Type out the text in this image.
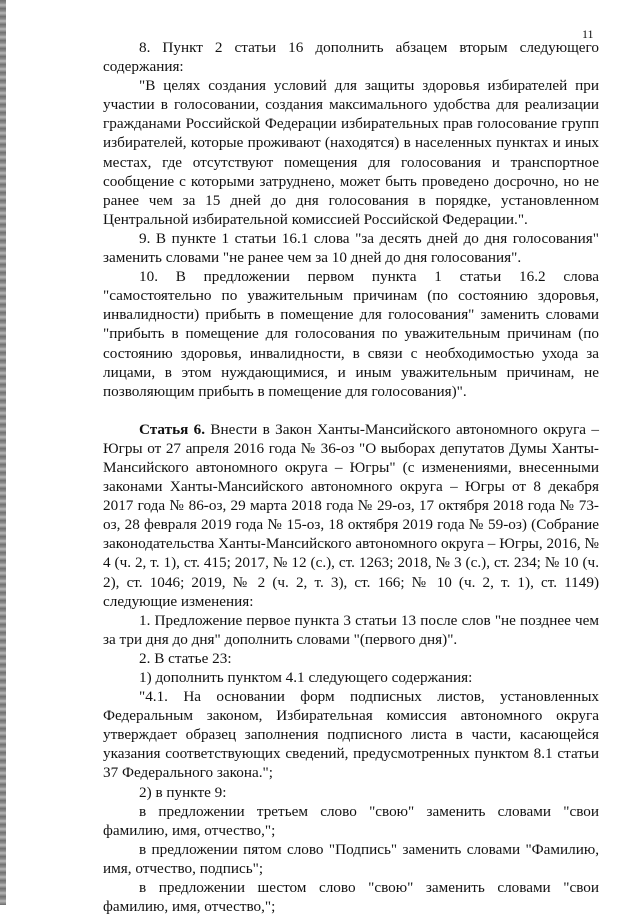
11

8. Пункт 2 статьи 16 дополнить абзацем вторым следующего содержания:

"В целях создания условий для защиты здоровья избирателей при участии в голосовании, создания максимального удобства для реализации гражданами Российской Федерации избирательных прав голосование групп избирателей, которые проживают (находятся) в населенных пунктах и иных местах, где отсутствуют помещения для голосования и транспортное сообщение с которыми затруднено, может быть проведено досрочно, но не ранее чем за 15 дней до дня голосования в порядке, установленном Центральной избирательной комиссией Российской Федерации.".

9. В пункте 1 статьи 16.1 слова "за десять дней до дня голосования" заменить словами "не ранее чем за 10 дней до дня голосования".

10. В предложении первом пункта 1 статьи 16.2 слова "самостоятельно по уважительным причинам (по состоянию здоровья, инвалидности) прибыть в помещение для голосования" заменить словами "прибыть в помещение для голосования по уважительным причинам (по состоянию здоровья, инвалидности, в связи с необходимостью ухода за лицами, в этом нуждающимися, и иным уважительным причинам, не позволяющим прибыть в помещение для голосования)".

Статья 6. Внести в Закон Ханты-Мансийского автономного округа – Югры от 27 апреля 2016 года № 36-оз "О выборах депутатов Думы Ханты-Мансийского автономного округа – Югры" (с изменениями, внесенными законами Ханты-Мансийского автономного округа – Югры от 8 декабря 2017 года № 86-оз, 29 марта 2018 года № 29-оз, 17 октября 2018 года № 73-оз, 28 февраля 2019 года № 15-оз, 18 октября 2019 года № 59-оз) (Собрание законодательства Ханты-Мансийского автономного округа – Югры, 2016, № 4 (ч. 2, т. 1), ст. 415; 2017, № 12 (с.), ст. 1263; 2018, № 3 (с.), ст. 234; № 10 (ч. 2), ст. 1046; 2019, № 2 (ч. 2, т. 3), ст. 166; № 10 (ч. 2, т. 1), ст. 1149) следующие изменения:

1. Предложение первое пункта 3 статьи 13 после слов "не позднее чем за три дня до дня" дополнить словами "(первого дня)".

2. В статье 23:

1) дополнить пунктом 4.1 следующего содержания:

"4.1. На основании форм подписных листов, установленных Федеральным законом, Избирательная комиссия автономного округа утверждает образец заполнения подписного листа в части, касающейся указания соответствующих сведений, предусмотренных пунктом 8.1 статьи 37 Федерального закона.";

2) в пункте 9:

в предложении третьем слово "свою" заменить словами "свои фамилию, имя, отчество,";

в предложении пятом слово "Подпись" заменить словами "Фамилию, имя, отчество, подпись";

в предложении шестом слово "свою" заменить словами "свои фамилию, имя, отчество,";
